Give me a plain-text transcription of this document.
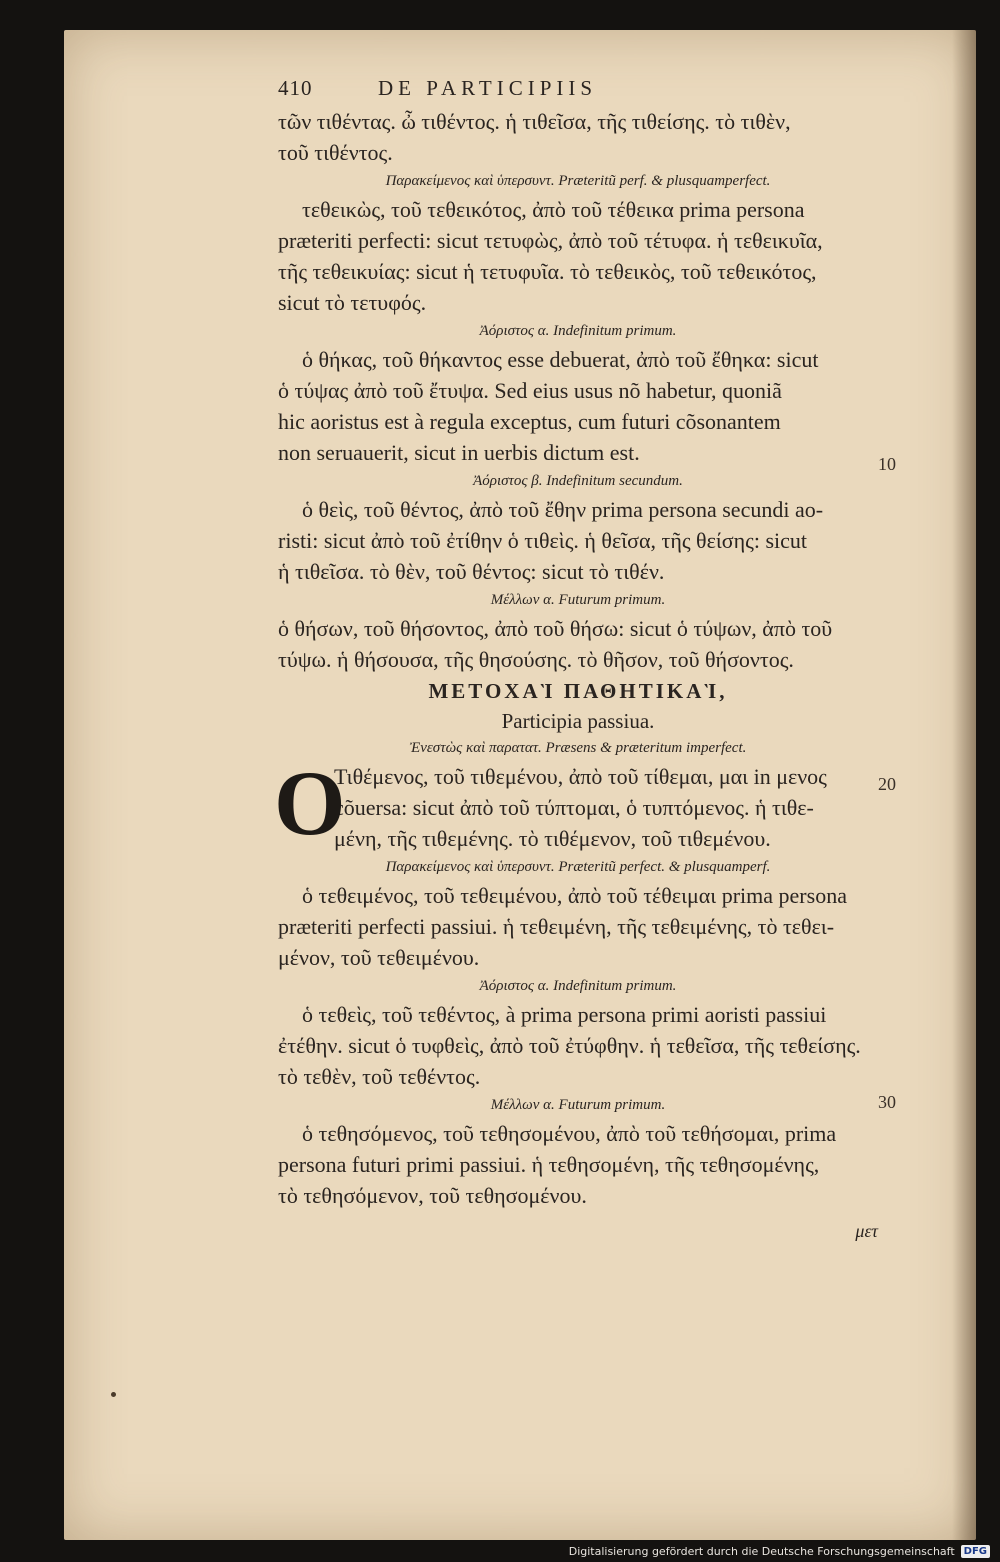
410	DE PARTICIPIIS
τῶν τιθέντας. ὦ τιθέντος. ἡ τιθεῖσα, τῆς τιθείσης. τὸ τιθὲν,
τοῦ τιθέντος.
Παρακείμενος καὶ ὑπερσυντ. Præteritũ perf. & plusquamperfect.
τεθεικὼς, τοῦ τεθεικότος, ἀπὸ τοῦ τέθεικα prima persona
præteriti perfecti: sicut τετυφὼς, ἀπὸ τοῦ τέτυφα. ἡ τεθεικυῖα,
τῆς τεθεικυίας: sicut ἡ τετυφυῖα. τὸ τεθεικὸς, τοῦ τεθεικότος,
sicut τὸ τετυφός.
Ἀόριστος α. Indefinitum primum.
ὁ θήκας, τοῦ θήκαντος esse debuerat, ἀπὸ τοῦ ἔθηκα: sicut
ὁ τύψας ἀπὸ τοῦ ἔτυψα. Sed eius usus nõ habetur, quoniã
hic aoristus est à regula exceptus, cum futuri cõsonantem
non seruauerit, sicut in uerbis dictum est.
Ἀόριστος β. Indefinitum secundum.
ὁ θεὶς, τοῦ θέντος, ἀπὸ τοῦ ἔθην prima persona secundi ao-
risti: sicut ἀπὸ τοῦ ἐτίθην ὁ τιθεὶς. ἡ θεῖσα, τῆς θείσης: sicut
ἡ τιθεῖσα. τὸ θὲν, τοῦ θέντος: sicut τὸ τιθέν.
Μέλλων α. Futurum primum.
ὁ θήσων, τοῦ θήσοντος, ἀπὸ τοῦ θήσω: sicut ὁ τύψων, ἀπὸ τοῦ
τύψω. ἡ θήσουσα, τῆς θησούσης. τὸ θῆσον, τοῦ θήσοντος.
ΜΕΤΟΧΑῚ ΠΑΘΗΤΙΚΑῚ,
Participia passiua.
Ἐνεστὼς καὶ παρατατ. Præsens & præteritum imperfect.
O
Τιθέμενος, τοῦ τιθεμένου, ἀπὸ τοῦ τίθεμαι, μαι in μενος
cõuersa: sicut ἀπὸ τοῦ τύπτομαι, ὁ τυπτόμενος. ἡ τιθε-
μένη, τῆς τιθεμένης. τὸ τιθέμενον, τοῦ τιθεμένου.
Παρακείμενος καὶ ὑπερσυντ. Præteritũ perfect. & plusquamperf.
ὁ τεθειμένος, τοῦ τεθειμένου, ἀπὸ τοῦ τέθειμαι prima persona
præteriti perfecti passiui. ἡ τεθειμένη, τῆς τεθειμένης, τὸ τεθει-
μένον, τοῦ τεθειμένου.
Ἀόριστος α. Indefinitum primum.
ὁ τεθεὶς, τοῦ τεθέντος, à prima persona primi aoristi passiui
ἐτέθην. sicut ὁ τυφθεὶς, ἀπὸ τοῦ ἐτύφθην. ἡ τεθεῖσα, τῆς τεθείσης.
τὸ τεθὲν, τοῦ τεθέντος.
Μέλλων α. Futurum primum.
ὁ τεθησόμενος, τοῦ τεθησομένου, ἀπὸ τοῦ τεθήσομαι, prima
persona futuri primi passiui. ἡ τεθησομένη, τῆς τεθησομένης,
τὸ τεθησόμενον, τοῦ τεθησομένου.
μετ
10
20
30
Digitalisierung gefördert durch die Deutsche Forschungsgemeinschaft DFG
